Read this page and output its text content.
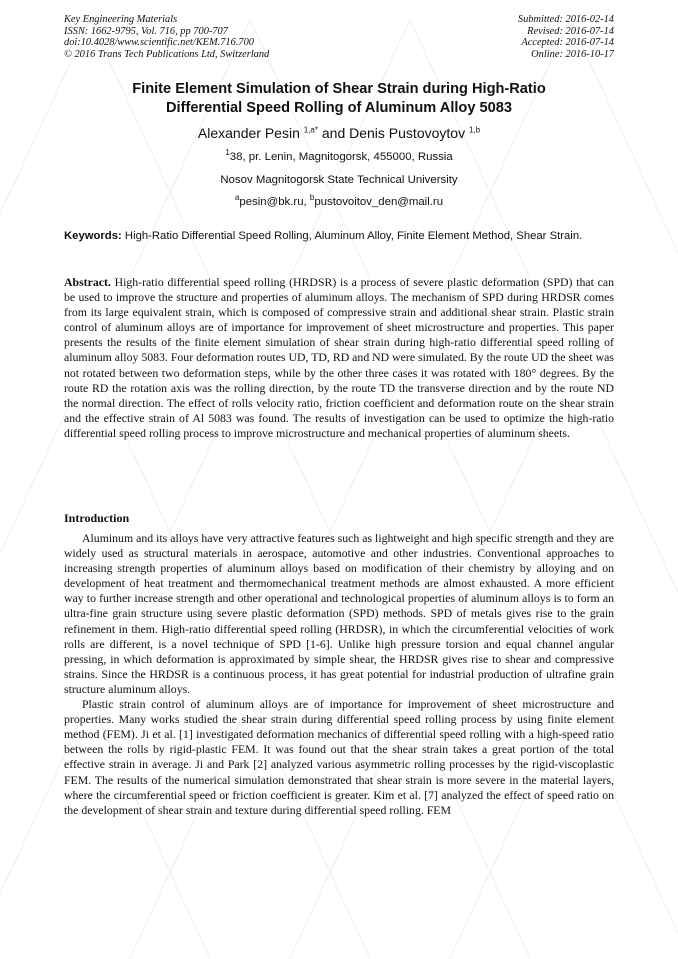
Key Engineering Materials
ISSN: 1662-9795, Vol. 716, pp 700-707
doi:10.4028/www.scientific.net/KEM.716.700
© 2016 Trans Tech Publications Ltd, Switzerland
Submitted: 2016-02-14
Revised: 2016-07-14
Accepted: 2016-07-14
Online: 2016-10-17
Finite Element Simulation of Shear Strain during High-Ratio
Differential Speed Rolling of Aluminum Alloy 5083
Alexander Pesin $^{1,a*}$ and Denis Pustovoytov $^{1,b}$
$^1$38, pr. Lenin, Magnitogorsk, 455000, Russia
Nosov Magnitogorsk State Technical University
$^a$pesin@bk.ru, $^b$pustovoitov_den@mail.ru
Keywords: High-Ratio Differential Speed Rolling, Aluminum Alloy, Finite Element Method, Shear Strain.
Abstract. High-ratio differential speed rolling (HRDSR) is a process of severe plastic deformation (SPD) that can be used to improve the structure and properties of aluminum alloys. The mechanism of SPD during HRDSR comes from its large equivalent strain, which is composed of compressive strain and additional shear strain. Plastic strain control of aluminum alloys are of importance for improvement of sheet microstructure and properties. This paper presents the results of the finite element simulation of shear strain during high-ratio differential speed rolling of aluminum alloy 5083. Four deformation routes UD, TD, RD and ND were simulated. By the route UD the sheet was not rotated between two deformation steps, while by the other three cases it was rotated with 180° degrees. By the route RD the rotation axis was the rolling direction, by the route TD the transverse direction and by the route ND the normal direction. The effect of rolls velocity ratio, friction coefficient and deformation route on the shear strain and the effective strain of Al 5083 was found. The results of investigation can be used to optimize the high-ratio differential speed rolling process to improve microstructure and mechanical properties of aluminum sheets.
Introduction

Aluminum and its alloys have very attractive features such as lightweight and high specific strength and they are widely used as structural materials in aerospace, automotive and other industries. Conventional approaches to increasing strength properties of aluminum alloys based on modification of their chemistry by alloying and on development of heat treatment and thermomechanical treatment methods are almost exhausted. A more efficient way to further increase strength and other operational and technological properties of aluminum alloys is to form an ultra-fine grain structure using severe plastic deformation (SPD) methods. SPD of metals gives rise to the grain refinement in them. High-ratio differential speed rolling (HRDSR), in which the circumferential velocities of work rolls are different, is a novel technique of SPD [1-6]. Unlike high pressure torsion and equal channel angular pressing, in which deformation is approximated by simple shear, the HRDSR gives rise to shear and compressive strains. Since the HRDSR is a continuous process, it has great potential for industrial production of ultrafine grain structure aluminum alloys.

Plastic strain control of aluminum alloys are of importance for improvement of sheet microstructure and properties. Many works studied the shear strain during differential speed rolling process by using finite element method (FEM). Ji et al. [1] investigated deformation mechanics of differential speed rolling with a high-speed ratio between the rolls by rigid-plastic FEM. It was found out that the shear strain takes a great portion of the total effective strain in average. Ji and Park [2] analyzed various asymmetric rolling processes by the rigid-viscoplastic FEM. The results of the numerical simulation demonstrated that shear strain is more severe in the material layers, where the circumferential speed or friction coefficient is greater. Kim et al. [7] analyzed the effect of speed ratio on the development of shear strain and texture during differential speed rolling. FEM
